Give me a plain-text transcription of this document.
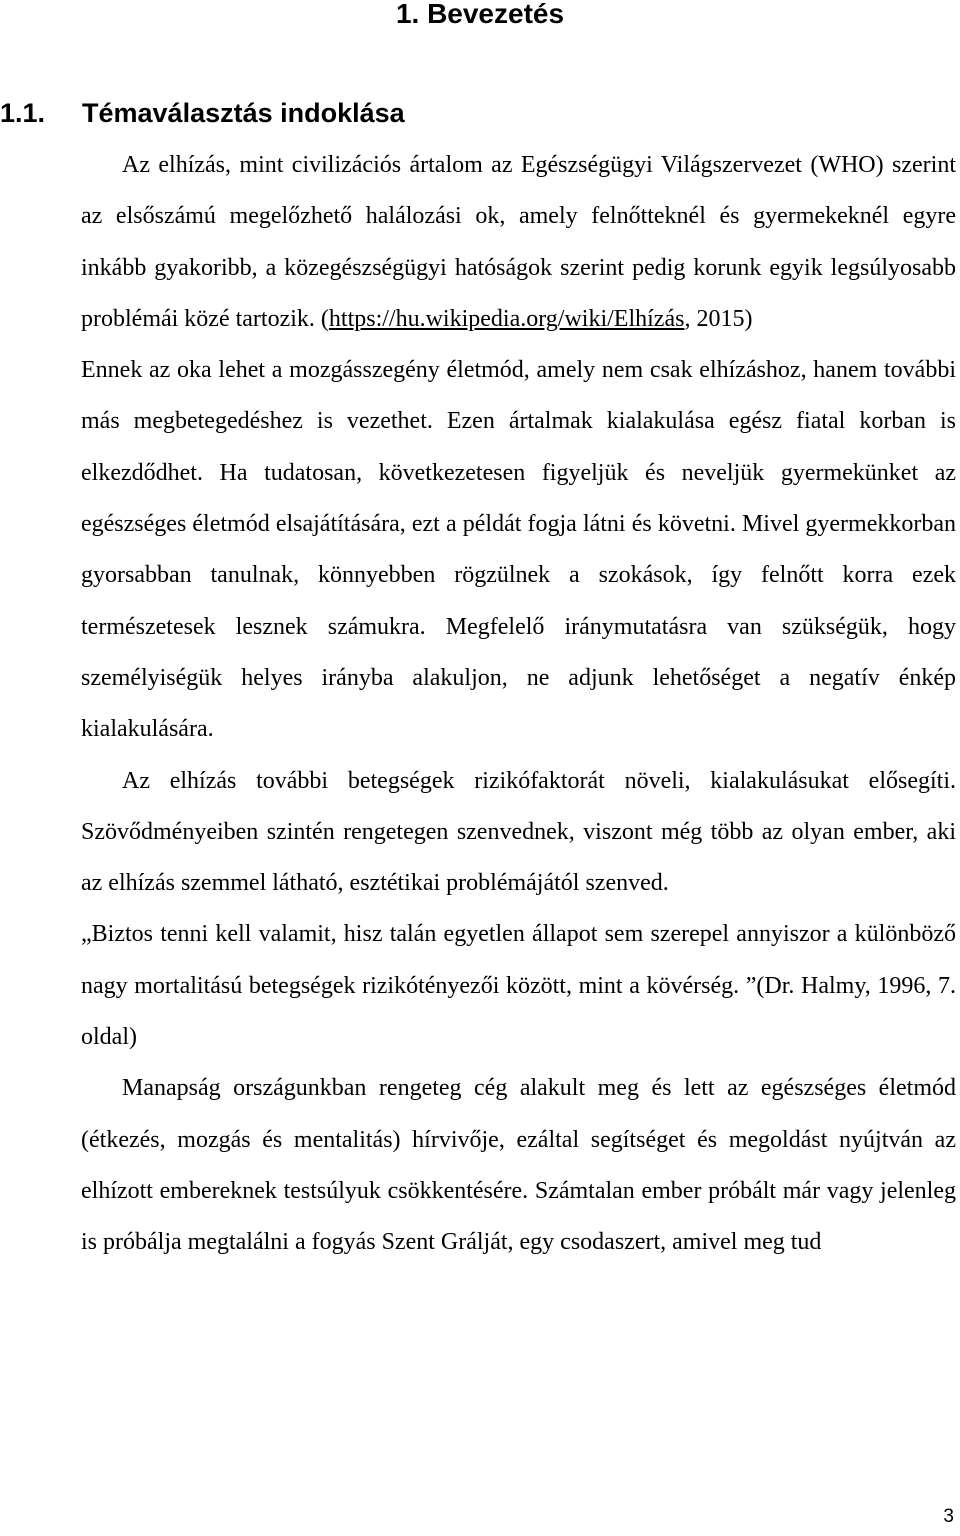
1. Bevezetés
1.1. Témaválasztás indoklása

Az elhízás, mint civilizációs ártalom az Egészségügyi Világszervezet (WHO) szerint az elsőszámú megelőzhető halálozási ok, amely felnőtteknél és gyermekeknél egyre inkább gyakoribb, a közegészségügyi hatóságok szerint pedig korunk egyik legsúlyosabb problémái közé tartozik. (https://hu.wikipedia.org/wiki/Elhízás, 2015)

Ennek az oka lehet a mozgásszegény életmód, amely nem csak elhízáshoz, hanem további más megbetegedéshez is vezethet. Ezen ártalmak kialakulása egész fiatal korban is elkezdődhet. Ha tudatosan, következetesen figyeljük és neveljük gyermekünket az egészséges életmód elsajátítására, ezt a példát fogja látni és követni. Mivel gyermekkorban gyorsabban tanulnak, könnyebben rögzülnek a szokások, így felnőtt korra ezek természetesek lesznek számukra. Megfelelő iránymutatásra van szükségük, hogy személyiségük helyes irányba alakuljon, ne adjunk lehetőséget a negatív énkép kialakulására.

Az elhízás további betegségek rizikófaktorát növeli, kialakulásukat elősegíti. Szövődményeiben szintén rengetegen szenvednek, viszont még több az olyan ember, aki az elhízás szemmel látható, esztétikai problémájától szenved.

„Biztos tenni kell valamit, hisz talán egyetlen állapot sem szerepel annyiszor a különböző nagy mortalitású betegségek rizikótényezői között, mint a kövérség. ”(Dr. Halmy, 1996, 7. oldal)

Manapság országunkban rengeteg cég alakult meg és lett az egészséges életmód (étkezés, mozgás és mentalitás) hírvivője, ezáltal segítséget és megoldást nyújtván az elhízott embereknek testsúlyuk csökkentésére. Számtalan ember próbált már vagy jelenleg is próbálja megtalálni a fogyás Szent Grálját, egy csodaszert, amivel meg tud

3
